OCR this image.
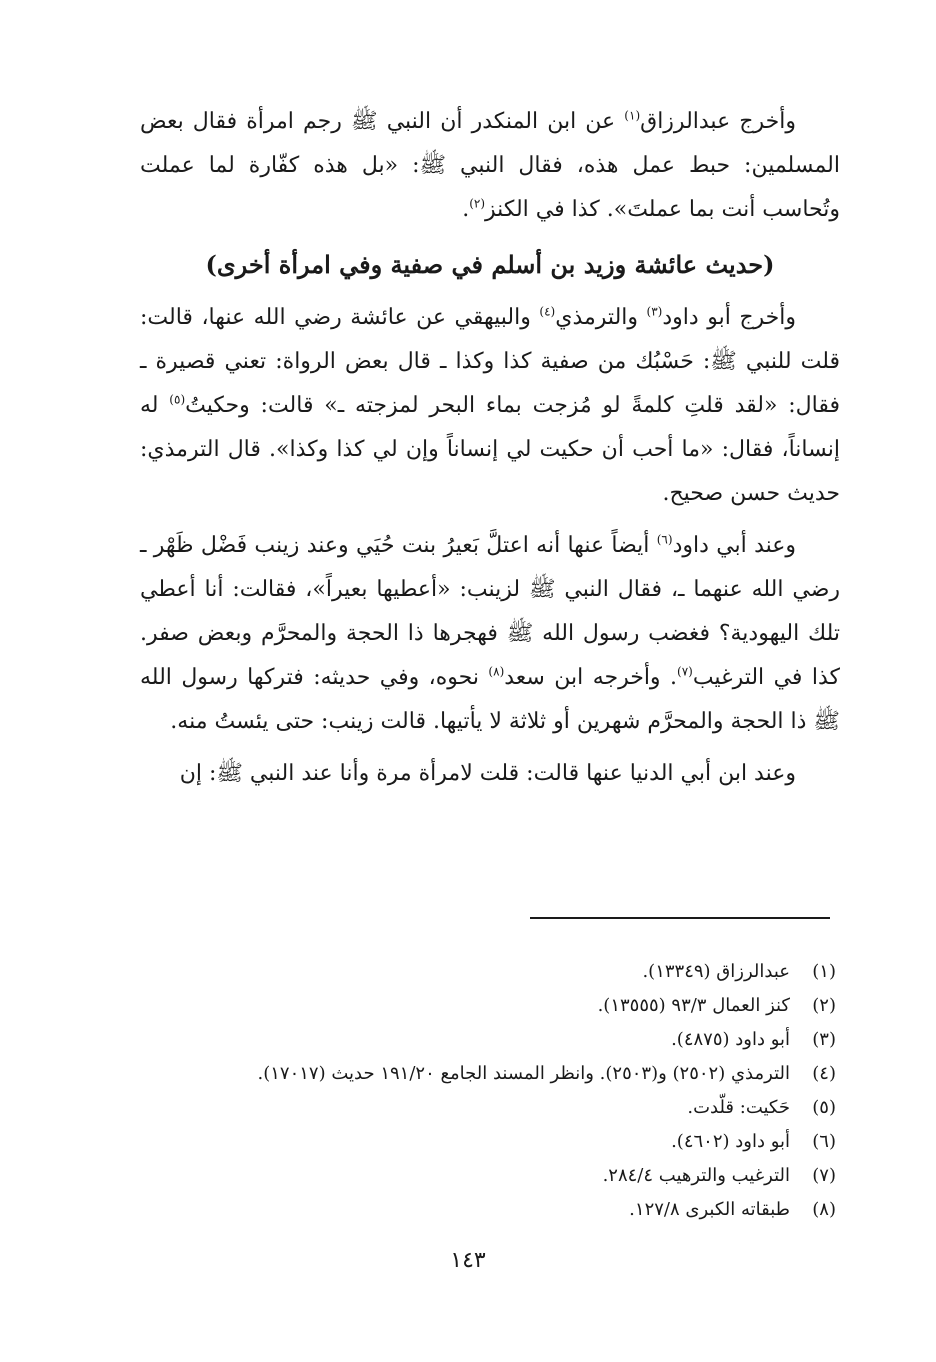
وأخرج عبدالرزاق$^{(١)}$ عن ابن المنكدر أن النبي ﷺ رجم امرأة فقال بعض المسلمين: حبط عمل هذه، فقال النبي ﷺ: «بل هذه كفّارة لما عملت وتُحاسب أنت بما عملتَ». كذا في الكنز$^{(٢)}$.

(حديث عائشة وزيد بن أسلم في صفية وفي امرأة أخرى)

وأخرج أبو داود$^{(٣)}$ والترمذي$^{(٤)}$ والبيهقي عن عائشة رضي الله عنها، قالت: قلت للنبي ﷺ: حَسْبُك من صفية كذا وكذا ـ قال بعض الرواة: تعني قصيرة ـ فقال: «لقد قلتِ كلمةً لو مُزجت بماء البحر لمزجته ـ» قالت: وحكيتُ$^{(٥)}$ له إنساناً، فقال: «ما أحب أن حكيت لي إنساناً وإن لي كذا وكذا». قال الترمذي: حديث حسن صحيح.

وعند أبي داود$^{(٦)}$ أيضاً عنها أنه اعتلَّ بَعيرُ بنت حُيَي وعند زينب فَضْل ظَهْر ـ رضي الله عنهما ـ، فقال النبي ﷺ لزينب: «أعطيها بعيراً»، فقالت: أنا أعطي تلك اليهودية؟ فغضب رسول الله ﷺ فهجرها ذا الحجة والمحرَّم وبعض صفر. كذا في الترغيب$^{(٧)}$. وأخرجه ابن سعد$^{(٨)}$ نحوه، وفي حديثه: فتركها رسول الله ﷺ ذا الحجة والمحرَّم شهرين أو ثلاثة لا يأتيها. قالت زينب: حتى يئستُ منه.

وعند ابن أبي الدنيا عنها قالت: قلت لامرأة مرة وأنا عند النبي ﷺ: إن

(١)
عبدالرزاق (١٣٣٤٩).
(٢)
كنز العمال ٩٣/٣ (١٣٥٥٥).
(٣)
أبو داود (٤٨٧٥).
(٤)
الترمذي (٢٥٠٢) و(٢٥٠٣). وانظر المسند الجامع ١٩١/٢٠ حديث (١٧٠١٧).
(٥)
حَكيت: قلّدت.
(٦)
أبو داود (٤٦٠٢).
(٧)
الترغيب والترهيب ٢٨٤/٤.
(٨)
طبقاته الكبرى ١٢٧/٨.
١٤٣
